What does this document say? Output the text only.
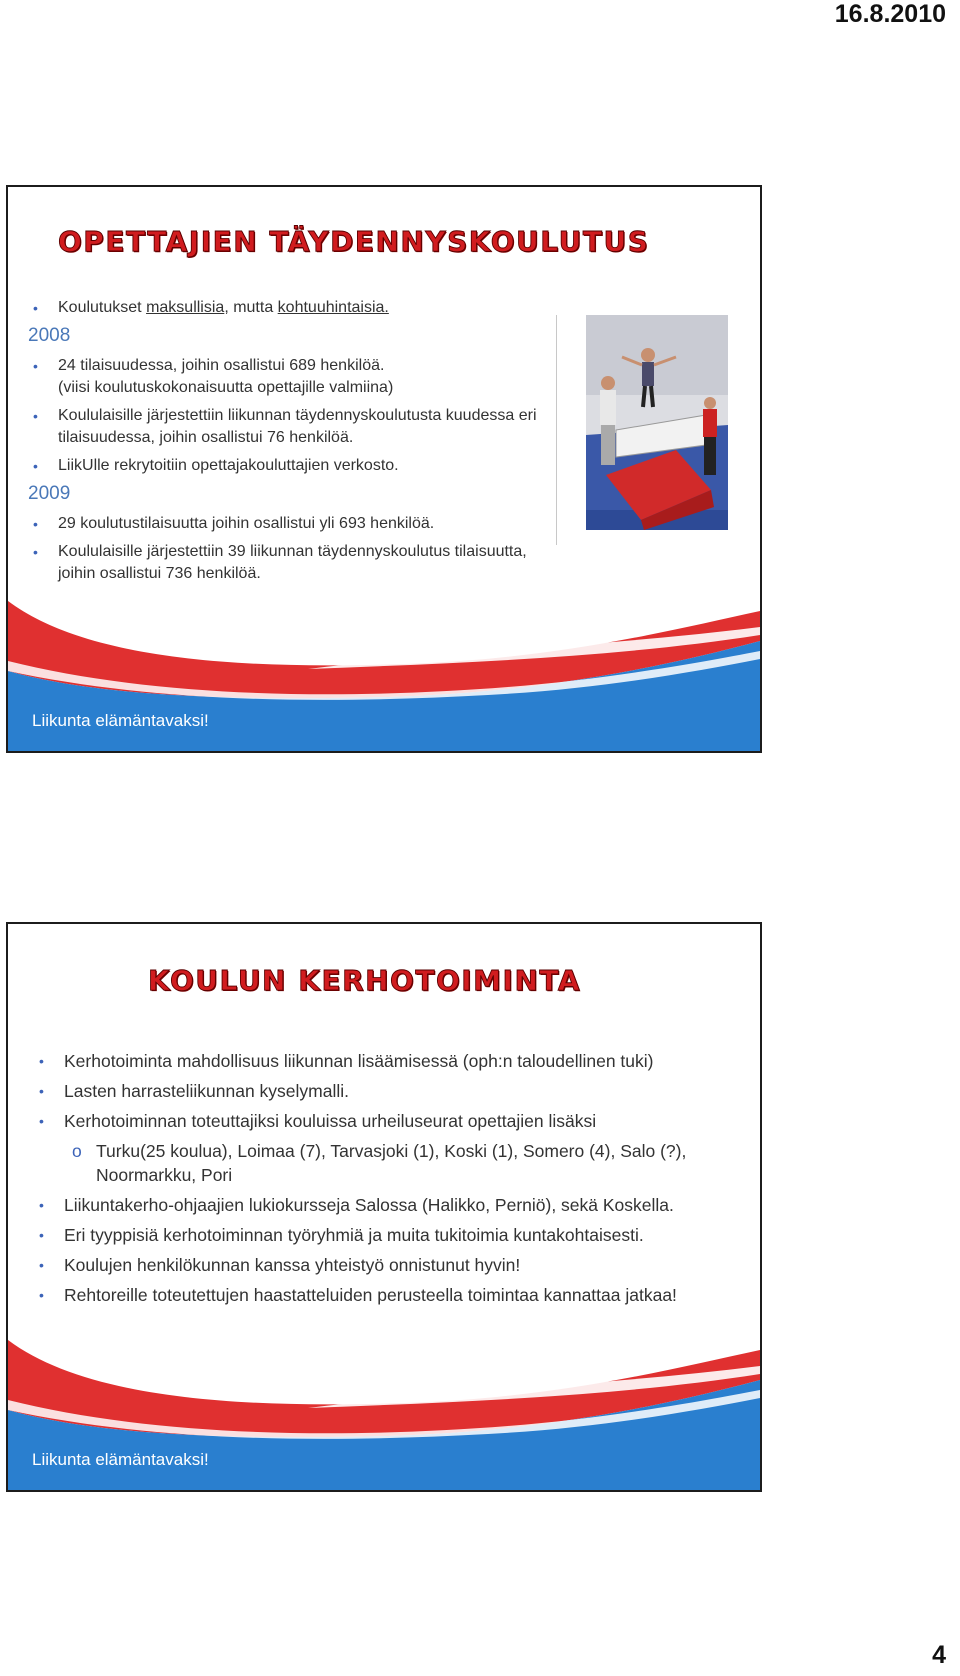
16.8.2010
OPETTAJIEN TÄYDENNYSKOULUTUS

• Koulutukset maksullisia, mutta kohtuuhintaisia.

2008

• 24 tilaisuudessa, joihin osallistui 689 henkilöä.

(viisi koulutuskokonaisuutta opettajille valmiina)

• Koululaisille järjestettiin liikunnan täydennyskoulutusta kuudessa eri tilaisuudessa, joihin osallistui 76 henkilöä.

• LiikUlle rekrytoitiin opettajakouluttajien verkosto.

2009

• 29 koulutustilaisuutta joihin osallistui yli 693 henkilöä.

• Koululaisille järjestettiin 39 liikunnan täydennyskoulutus tilaisuutta, joihin osallistui 736 henkilöä.

Liikunta elämäntavaksi!

KOULUN KERHOTOIMINTA

• Kerhotoiminta mahdollisuus liikunnan lisäämisessä (oph:n taloudellinen tuki)

• Lasten harrasteliikunnan kyselymalli.

• Kerhotoiminnan toteuttajiksi kouluissa urheiluseurat opettajien lisäksi

o Turku(25 koulua), Loimaa (7), Tarvasjoki (1), Koski (1), Somero (4), Salo (?), Noormarkku, Pori

• Liikuntakerho-ohjaajien lukiokursseja Salossa (Halikko, Perniö), sekä Koskella.

• Eri tyyppisiä kerhotoiminnan työryhmiä ja muita tukitoimia kuntakohtaisesti.

• Koulujen henkilökunnan kanssa yhteistyö onnistunut hyvin!

• Rehtoreille toteutettujen haastatteluiden perusteella toimintaa kannattaa jatkaa!

Liikunta elämäntavaksi!

4
